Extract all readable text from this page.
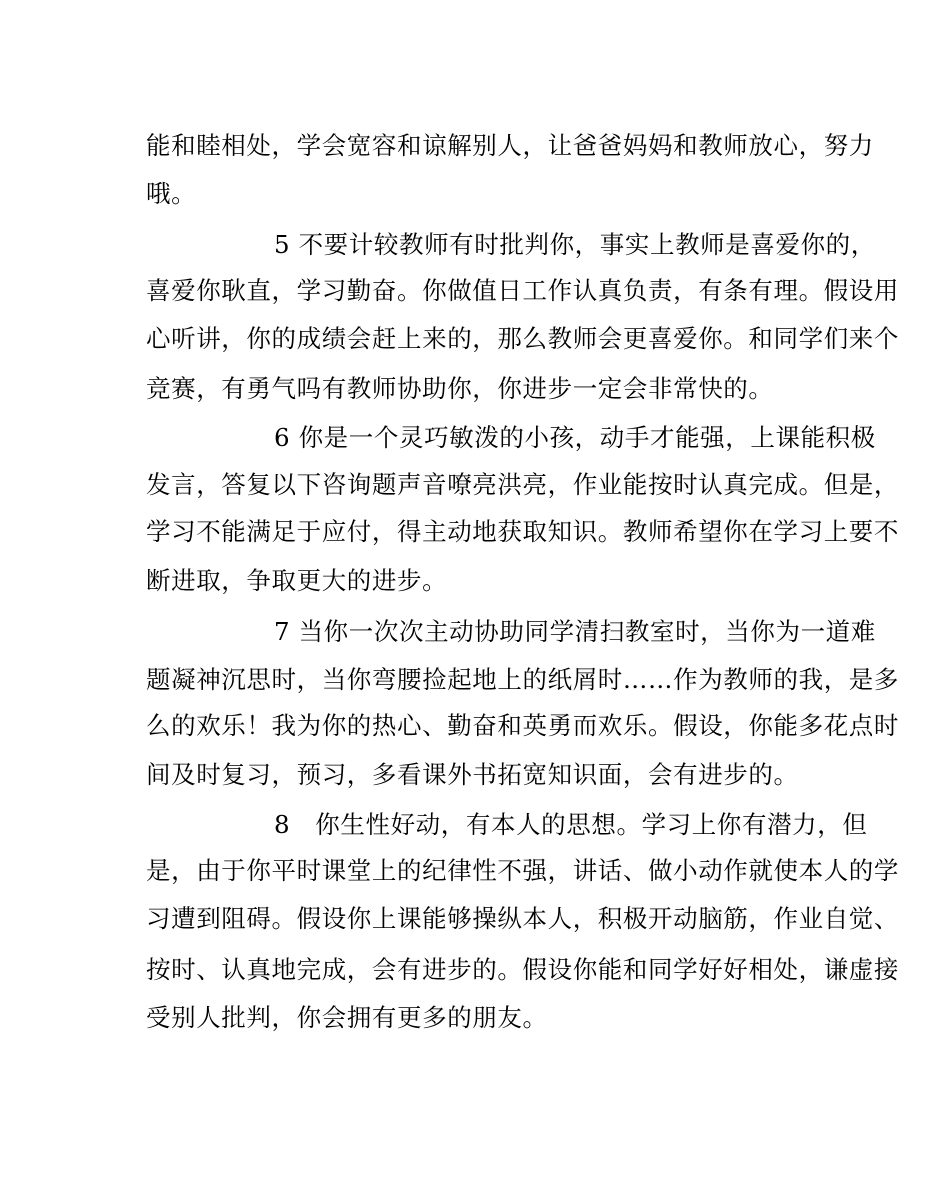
能和睦相处，学会宽容和谅解别人，让爸爸妈妈和教师放心，努力
哦。
5 不要计较教师有时批判你，事实上教师是喜爱你的，
喜爱你耿直，学习勤奋。你做值日工作认真负责，有条有理。假设用
心听讲，你的成绩会赶上来的，那么教师会更喜爱你。和同学们来个
竞赛，有勇气吗有教师协助你，你进步一定会非常快的。
6 你是一个灵巧敏泼的小孩，动手才能强，上课能积极
发言，答复以下咨询题声音嘹亮洪亮，作业能按时认真完成。但是，
学习不能满足于应付，得主动地获取知识。教师希望你在学习上要不
断进取，争取更大的进步。
7 当你一次次主动协助同学清扫教室时，当你为一道难
题凝神沉思时，当你弯腰捡起地上的纸屑时……作为教师的我，是多
么的欢乐！我为你的热心、勤奋和英勇而欢乐。假设，你能多花点时
间及时复习，预习，多看课外书拓宽知识面，会有进步的。
8　你生性好动，有本人的思想。学习上你有潜力，但
是，由于你平时课堂上的纪律性不强，讲话、做小动作就使本人的学
习遭到阻碍。假设你上课能够操纵本人，积极开动脑筋，作业自觉、
按时、认真地完成，会有进步的。假设你能和同学好好相处，谦虚接
受别人批判，你会拥有更多的朋友。
